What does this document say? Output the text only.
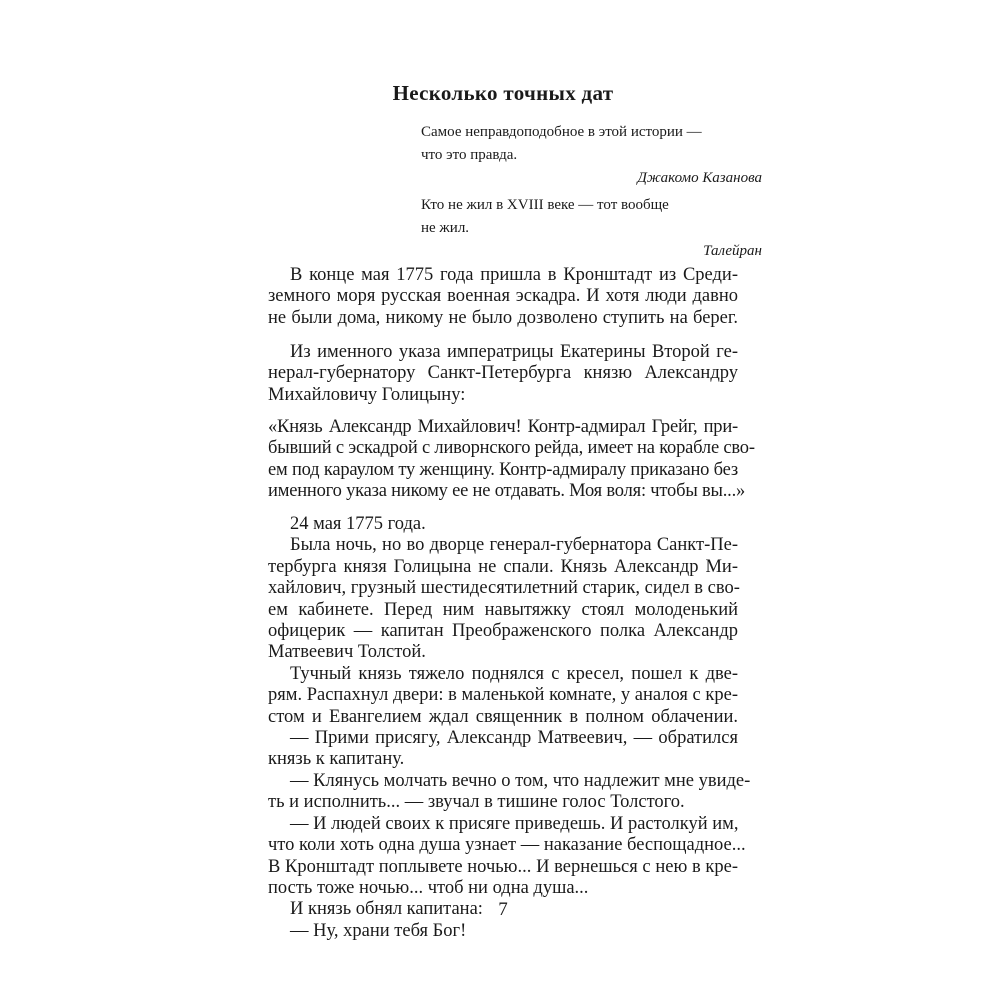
Несколько точных дат
Самое неправдоподобное в этой истории —
что это правда.
Джакомо Казанова
Кто не жил в XVIII веке — тот вообще
не жил.
Талейран
В конце мая 1775 года пришла в Кронштадт из Среди-
земного моря русская военная эскадра. И хотя люди давно
не были дома, никому не было дозволено ступить на берег.
Из именного указа императрицы Екатерины Второй ге-
нерал-губернатору Санкт-Петербурга князю Александру
Михайловичу Голицыну:
«Князь Александр Михайлович! Контр-адмирал Грейг, при-
бывший с эскадрой с ливорнского рейда, имеет на корабле сво-
ем под караулом ту женщину. Контр-адмиралу приказано без
именного указа никому ее не отдавать. Моя воля: чтобы вы...»
24 мая 1775 года.
Была ночь, но во дворце генерал-губернатора Санкт-Пе-
тербурга князя Голицына не спали. Князь Александр Ми-
хайлович, грузный шестидесятилетний старик, сидел в сво-
ем кабинете. Перед ним навытяжку стоял молоденький
офицерик — капитан Преображенского полка Александр
Матвеевич Толстой.
Тучный князь тяжело поднялся с кресел, пошел к две-
рям. Распахнул двери: в маленькой комнате, у аналоя с кре-
стом и Евангелием ждал священник в полном облачении.
— Прими присягу, Александр Матвеевич, — обратился
князь к капитану.
— Клянусь молчать вечно о том, что надлежит мне увиде-
ть и исполнить... — звучал в тишине голос Толстого.
— И людей своих к присяге приведешь. И растолкуй им,
что коли хоть одна душа узнает — наказание беспощадное...
В Кронштадт поплывете ночью... И вернешься с нею в кре-
пость тоже ночью... чтоб ни одна душа...
И князь обнял капитана:
— Ну, храни тебя Бог!
7
